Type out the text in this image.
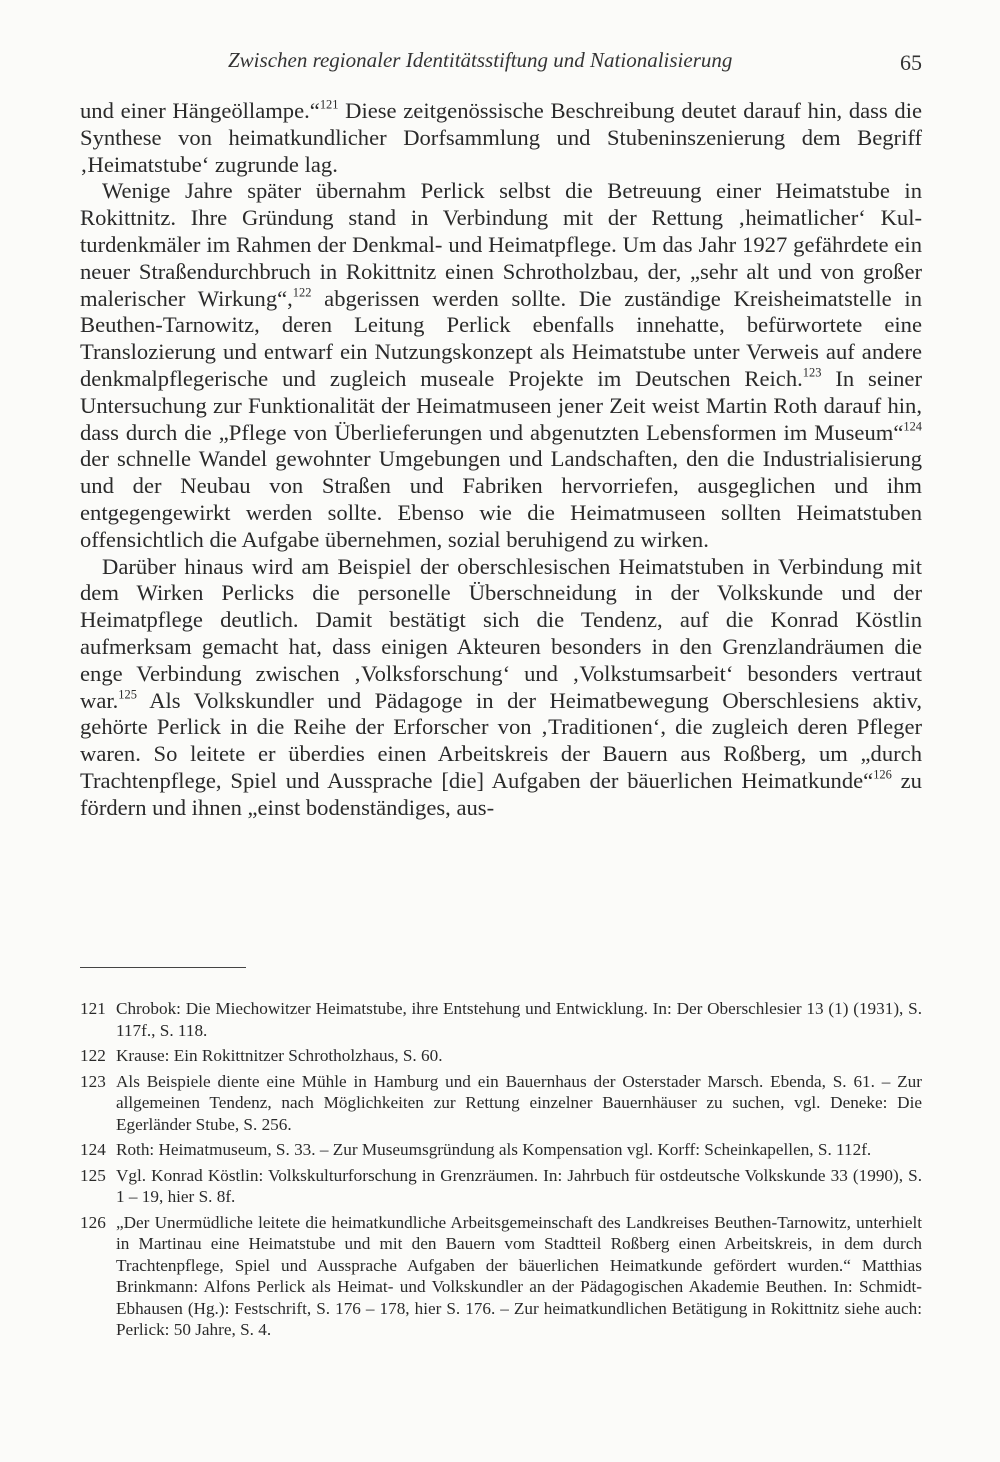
Zwischen regionaler Identitätsstiftung und Nationalisierung	65

und einer Hängeöllampe.“$^{121}$ Diese zeitgenössische Beschreibung deutet darauf hin, dass die Synthese von heimatkundlicher Dorfsammlung und Stubeninszenierung dem Begriff ‚Heimatstube‘ zugrunde lag.

Wenige Jahre später übernahm Perlick selbst die Betreuung einer Heimatstube in Rokittnitz. Ihre Gründung stand in Verbindung mit der Rettung ‚heimatlicher‘ Kulturdenkmäler im Rahmen der Denkmal- und Heimatpflege. Um das Jahr 1927 gefährdete ein neuer Straßendurchbruch in Rokittnitz einen Schrotholzbau, der, „sehr alt und von großer malerischer Wirkung“,$^{122}$ abgerissen werden sollte. Die zuständige Kreisheimatstelle in Beuthen-Tarnowitz, deren Leitung Perlick ebenfalls innehatte, befürwortete eine Translozierung und entwarf ein Nutzungskonzept als Heimatstube unter Verweis auf andere denkmalpflegerische und zugleich museale Projekte im Deutschen Reich.$^{123}$ In seiner Untersuchung zur Funktionalität der Heimatmuseen jener Zeit weist Martin Roth darauf hin, dass durch die „Pflege von Überlieferungen und abgenutzten Lebensformen im Museum“$^{124}$ der schnelle Wandel gewohnter Umgebungen und Landschaften, den die Industrialisierung und der Neubau von Straßen und Fabriken hervorriefen, ausgeglichen und ihm entgegengewirkt werden sollte. Ebenso wie die Heimatmuseen sollten Heimatstuben offensichtlich die Aufgabe übernehmen, sozial beruhigend zu wirken.

Darüber hinaus wird am Beispiel der oberschlesischen Heimatstuben in Verbindung mit dem Wirken Perlicks die personelle Überschneidung in der Volkskunde und der Heimatpflege deutlich. Damit bestätigt sich die Tendenz, auf die Konrad Köstlin aufmerksam gemacht hat, dass einigen Akteuren besonders in den Grenzlandräumen die enge Verbindung zwischen ‚Volksforschung‘ und ‚Volkstumsarbeit‘ besonders vertraut war.$^{125}$ Als Volkskundler und Pädagoge in der Heimatbewegung Oberschlesiens aktiv, gehörte Perlick in die Reihe der Erforscher von ‚Traditionen‘, die zugleich deren Pfleger waren. So leitete er überdies einen Arbeitskreis der Bauern aus Roßberg, um „durch Trachtenpflege, Spiel und Aussprache [die] Aufgaben der bäuerlichen Heimatkunde“$^{126}$ zu fördern und ihnen „einst bodenständiges, aus-

121 Chrobok: Die Miechowitzer Heimatstube, ihre Entstehung und Entwicklung. In: Der Oberschlesier 13 (1) (1931), S. 117f., S. 118.
122 Krause: Ein Rokittnitzer Schrotholzhaus, S. 60.
123 Als Beispiele diente eine Mühle in Hamburg und ein Bauernhaus der Osterstader Marsch. Ebenda, S. 61. – Zur allgemeinen Tendenz, nach Möglichkeiten zur Rettung einzelner Bauernhäuser zu suchen, vgl. Deneke: Die Egerländer Stube, S. 256.
124 Roth: Heimatmuseum, S. 33. – Zur Museumsgründung als Kompensation vgl. Korff: Scheinkapellen, S. 112f.
125 Vgl. Konrad Köstlin: Volkskulturforschung in Grenzräumen. In: Jahrbuch für ostdeutsche Volkskunde 33 (1990), S. 1 – 19, hier S. 8f.
126 „Der Unermüdliche leitete die heimatkundliche Arbeitsgemeinschaft des Landkreises Beuthen-Tarnowitz, unterhielt in Martinau eine Heimatstube und mit den Bauern vom Stadtteil Roßberg einen Arbeitskreis, in dem durch Trachtenpflege, Spiel und Aussprache Aufgaben der bäuerlichen Heimatkunde gefördert wurden.“ Matthias Brinkmann: Alfons Perlick als Heimat- und Volkskundler an der Pädagogischen Akademie Beuthen. In: Schmidt-Ebhausen (Hg.): Festschrift, S. 176 – 178, hier S. 176. – Zur heimatkundlichen Betätigung in Rokittnitz siehe auch: Perlick: 50 Jahre, S. 4.
